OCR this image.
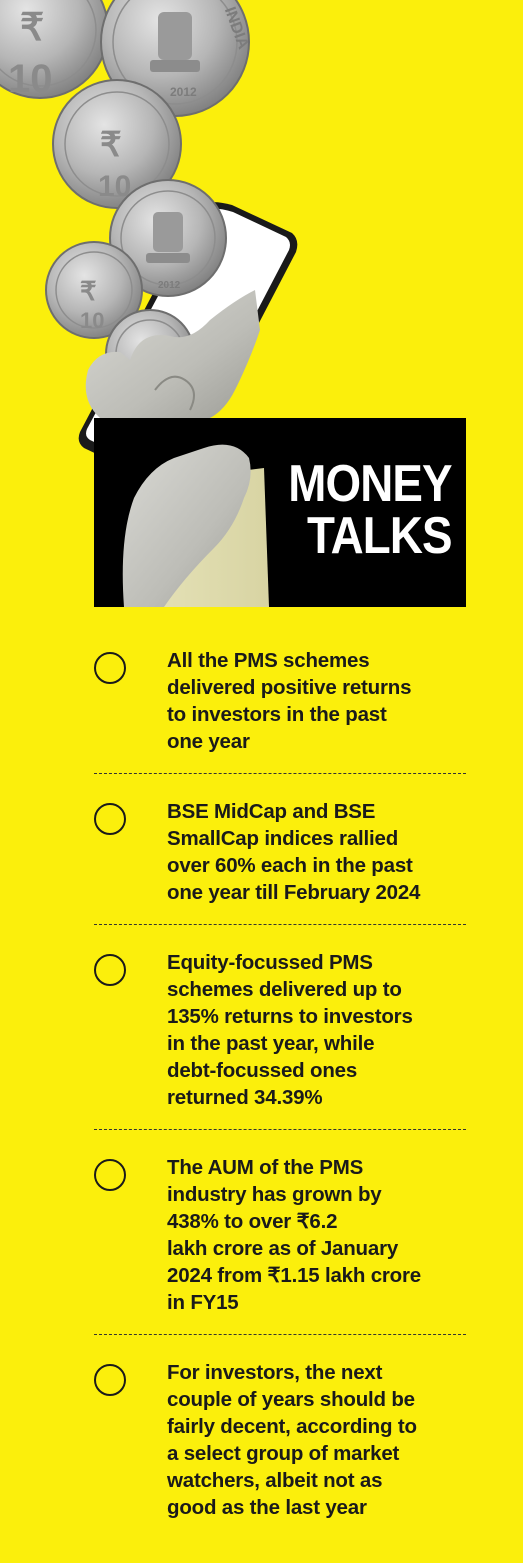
₹
10
INDIA
2012
₹
10
2012
₹
10
MONEY
TALKS
All the PMS schemes
delivered positive returns
to investors in the past
one year
BSE MidCap and BSE
SmallCap indices rallied
over 60% each in the past
one year till February 2024
Equity-focussed PMS
schemes delivered up to
135% returns to investors
in the past year, while
debt-focussed ones
returned 34.39%
The AUM of the PMS
industry has grown by
438% to over ₹6.2
lakh crore as of January
2024 from ₹1.15 lakh crore
in FY15
For investors, the next
couple of years should be
fairly decent, according to
a select group of market
watchers, albeit not as
good as the last year
